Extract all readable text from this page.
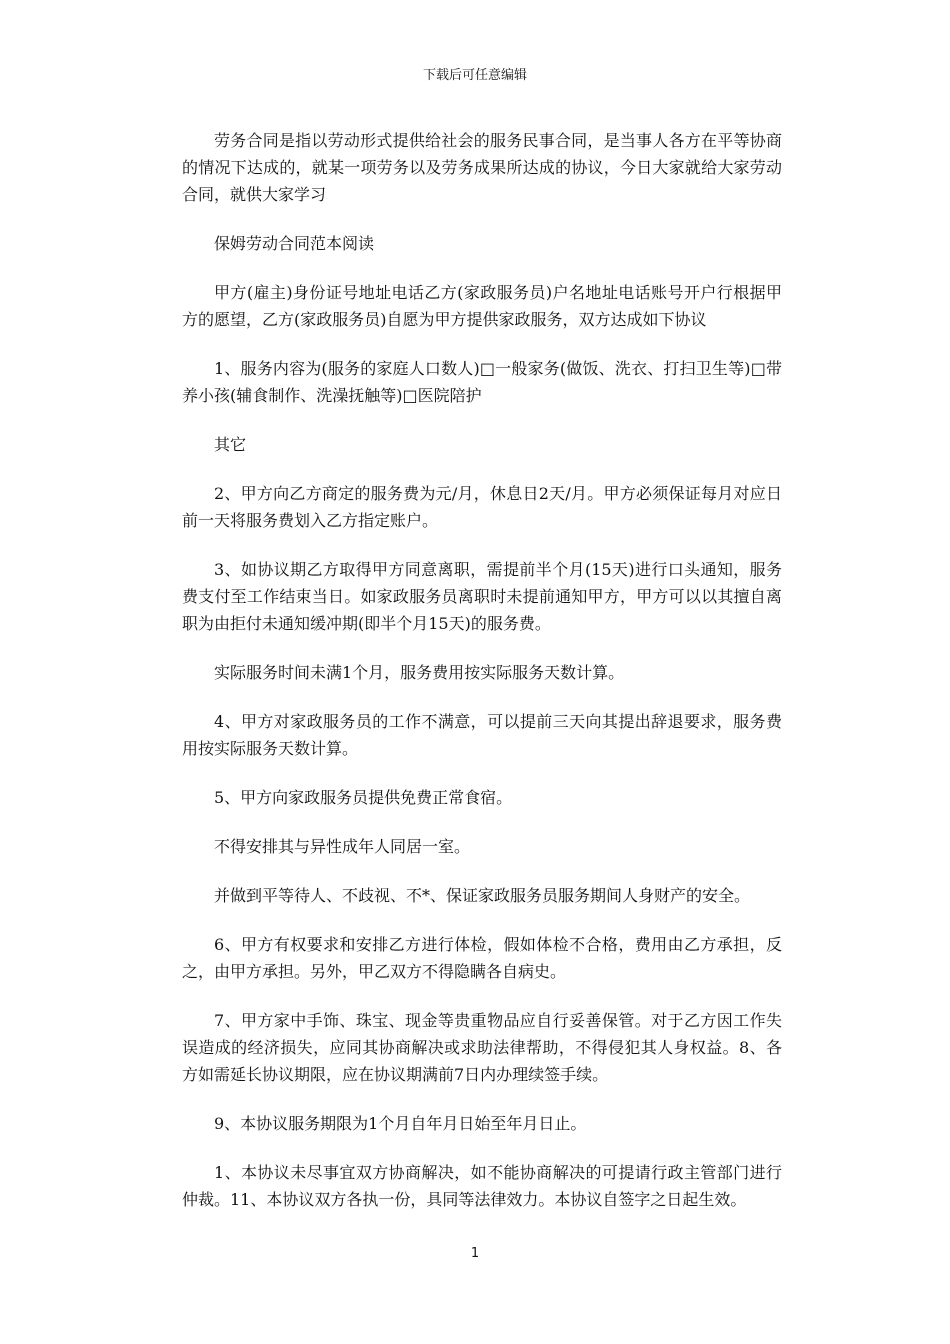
下载后可任意编辑

劳务合同是指以劳动形式提供给社会的服务民事合同，是当事人各方在平等协商的情况下达成的，就某一项劳务以及劳务成果所达成的协议，今日大家就给大家劳动合同，就供大家学习

保姆劳动合同范本阅读

甲方(雇主)身份证号地址电话乙方(家政服务员)户名地址电话账号开户行根据甲方的愿望，乙方(家政服务员)自愿为甲方提供家政服务，双方达成如下协议

1、服务内容为(服务的家庭人口数人)□一般家务(做饭、洗衣、打扫卫生等)□带养小孩(辅食制作、洗澡抚触等)□医院陪护

其它

2、甲方向乙方商定的服务费为元/月，休息日2天/月。甲方必须保证每月对应日前一天将服务费划入乙方指定账户。

3、如协议期乙方取得甲方同意离职，需提前半个月(15天)进行口头通知，服务费支付至工作结束当日。如家政服务员离职时未提前通知甲方，甲方可以以其擅自离职为由拒付未通知缓冲期(即半个月15天)的服务费。

实际服务时间未满1个月，服务费用按实际服务天数计算。

4、甲方对家政服务员的工作不满意，可以提前三天向其提出辞退要求，服务费用按实际服务天数计算。

5、甲方向家政服务员提供免费正常食宿。

不得安排其与异性成年人同居一室。

并做到平等待人、不歧视、不*、保证家政服务员服务期间人身财产的安全。

6、甲方有权要求和安排乙方进行体检，假如体检不合格，费用由乙方承担，反之，由甲方承担。另外，甲乙双方不得隐瞒各自病史。

7、甲方家中手饰、珠宝、现金等贵重物品应自行妥善保管。对于乙方因工作失误造成的经济损失，应同其协商解决或求助法律帮助，不得侵犯其人身权益。8、各方如需延长协议期限，应在协议期满前7日内办理续签手续。

9、本协议服务期限为1个月自年月日始至年月日止。

1、本协议未尽事宜双方协商解决，如不能协商解决的可提请行政主管部门进行仲裁。11、本协议双方各执一份，具同等法律效力。本协议自签字之日起生效。

1
